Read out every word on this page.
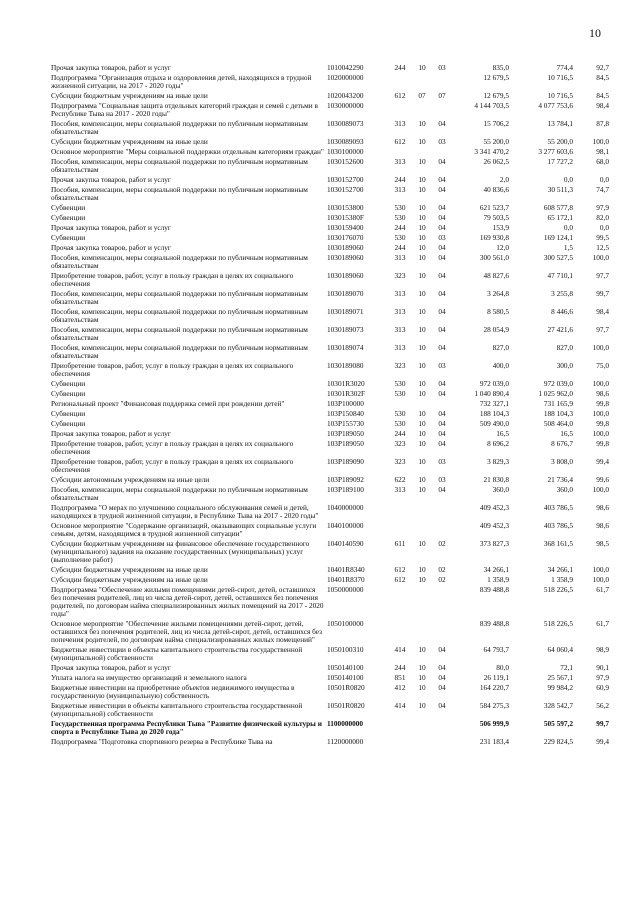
10
Прочая закупка товаров, работ и услуг	1010042290	244	10	03	835,0	774,4	92,7
Подпрограмма "Организация отдыха и оздоровления детей, находящихся в трудной жизненной ситуации, на 2017 - 2020 годы"	1020000000				12 679,5	10 716,5	84,5
Субсидии бюджетным учреждениям на иные цели	1020043200	612	07	07	12 679,5	10 716,5	84,5
Подпрограмма "Социальная защита отдельных категорий граждан и семей с детьми в Республике Тыва на 2017 - 2020 годы"	1030000000				4 144 703,5	4 077 753,6	98,4
Пособия, компенсации, меры социальной поддержки по публичным нормативным обязательствам	1030089073	313	10	04	15 706,2	13 784,1	87,8
Субсидии бюджетным учреждениям на иные цели	1030089093	612	10	03	55 200,0	55 200,0	100,0
Основное мероприятие "Меры социальной поддержки отдельным категориям граждан"	1030100000				3 341 470,2	3 277 603,6	98,1
Пособия, компенсации, меры социальной поддержки по публичным нормативным обязательствам	1030152600	313	10	04	26 062,5	17 727,2	68,0
Прочая закупка товаров, работ и услуг	1030152700	244	10	04	2,0	0,0	0,0
Пособия, компенсации, меры социальной поддержки по публичным нормативным обязательствам	1030152700	313	10	04	40 836,6	30 511,3	74,7
Субвенции	1030153800	530	10	04	621 523,7	608 577,8	97,9
Субвенции	103015380F	530	10	04	79 503,5	65 172,1	82,0
Прочая закупка товаров, работ и услуг	1030159400	244	10	04	153,9	0,0	0,0
Субвенции	1030176070	530	10	03	169 930,8	169 124,1	99,5
Прочая закупка товаров, работ и услуг	1030189060	244	10	04	12,0	1,5	12,5
Пособия, компенсации, меры социальной поддержки по публичным нормативным обязательствам	1030189060	313	10	04	300 561,0	300 527,5	100,0
Приобретение товаров, работ, услуг в пользу граждан в целях их социального обеспечения	1030189060	323	10	04	48 827,6	47 710,1	97,7
Пособия, компенсации, меры социальной поддержки по публичным нормативным обязательствам	1030189070	313	10	04	3 264,8	3 255,8	99,7
Пособия, компенсации, меры социальной поддержки по публичным нормативным обязательствам	1030189071	313	10	04	8 580,5	8 446,6	98,4
Пособия, компенсации, меры социальной поддержки по публичным нормативным обязательствам	1030189073	313	10	04	28 054,9	27 421,6	97,7
Пособия, компенсации, меры социальной поддержки по публичным нормативным обязательствам	1030189074	313	10	04	827,0	827,0	100,0
Приобретение товаров, работ, услуг в пользу граждан в целях их социального обеспечения	1030189080	323	10	03	400,0	300,0	75,0
Субвенции	10301R3020	530	10	04	972 039,0	972 039,0	100,0
Субвенции	10301R302F	530	10	04	1 040 890,4	1 025 962,0	98,6
Региональный проект "Финансовая поддержка семей при рождении детей"	103P100000				732 327,1	731 165,9	99,8
Субвенции	103P150840	530	10	04	188 104,3	188 104,3	100,0
Субвенции	103P155730	530	10	04	509 490,0	508 464,0	99,8
Прочая закупка товаров, работ и услуг	103P189050	244	10	04	16,5	16,5	100,0
Приобретение товаров, работ, услуг в пользу граждан в целях их социального обеспечения	103P189050	323	10	04	8 696,2	8 676,7	99,8
Приобретение товаров, работ, услуг в пользу граждан в целях их социального обеспечения	103P189090	323	10	03	3 829,3	3 808,0	99,4
Субсидии автономным учреждениям на иные цели	103P189092	622	10	03	21 830,8	21 736,4	99,6
Пособия, компенсации, меры социальной поддержки по публичным нормативным обязательствам	103P189100	313	10	04	360,0	360,0	100,0
Подпрограмма "О мерах по улучшению социального обслуживания семей и детей, находящихся в трудной жизненной ситуации, в Республике Тыва на 2017 - 2020 годы"	1040000000				409 452,3	403 786,5	98,6
Основное мероприятие "Содержание организаций, оказывающих социальные услуги семьям, детям, находящимся в трудной жизненной ситуации"	1040100000				409 452,3	403 786,5	98,6
Субсидии бюджетным учреждениям на финансовое обеспечение государственного (муниципального) задания на оказание государственных (муниципальных) услуг (выполнение работ)	1040140590	611	10	02	373 827,3	368 161,5	98,5
Субсидии бюджетным учреждениям на иные цели	10401R8340	612	10	02	34 266,1	34 266,1	100,0
Субсидии бюджетным учреждениям на иные цели	10401R8370	612	10	02	1 358,9	1 358,9	100,0
Подпрограмма "Обеспечение жилыми помещениями детей-сирот, детей, оставшихся без попечения родителей, лиц из числа детей-сирот, детей, оставшихся без попечения родителей, по договорам найма специализированных жилых помещений на 2017 - 2020 годы"	1050000000				839 488,8	518 226,5	61,7
Основное мероприятие "Обеспечение жилыми помещениями детей-сирот, детей, оставшихся без попечения родителей, лиц из числа детей-сирот, детей, оставшихся без попечения родителей, по договорам найма специализированных жилых помещений"	1050100000				839 488,8	518 226,5	61,7
Бюджетные инвестиции в объекты капитального строительства государственной (муниципальной) собственности	1050100310	414	10	04	64 793,7	64 060,4	98,9
Прочая закупка товаров, работ и услуг	1050140100	244	10	04	80,0	72,1	90,1
Уплата налога на имущество организаций и земельного налога	1050140100	851	10	04	26 119,1	25 567,1	97,9
Бюджетные инвестиции на приобретение объектов недвижимого имущества в государственную (муниципальную) собственность	10501R0820	412	10	04	164 220,7	99 984,2	60,9
Бюджетные инвестиции в объекты капитального строительства государственной (муниципальной) собственности	10501R0820	414	10	04	584 275,3	328 542,7	56,2
Государственная программа Республики Тыва "Развитие физической культуры и спорта в Республике Тыва до 2020 года"	1100000000				506 999,9	505 597,2	99,7
Подпрограмма "Подготовка спортивного резерва в Республике Тыва на	1120000000				231 183,4	229 824,5	99,4
